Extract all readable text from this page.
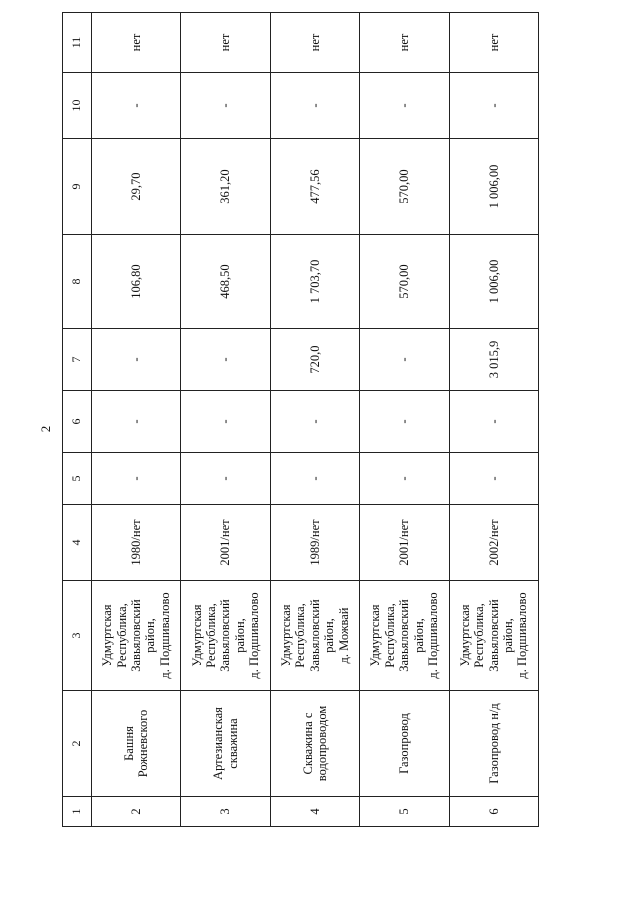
2
1	2	3	4	5	6	7	8	9	10	11
2	Башня Рожневского	Удмуртская
Республика,
Завьяловский
район,
д. Подшивалово	1980/нет	-	-	-	106,80	29,70	-	нет
3	Артезианская скважина	Удмуртская
Республика,
Завьяловский
район,
д. Подшивалово	2001/нет	-	-	-	468,50	361,20	-	нет
4	Скважина с водопроводом	Удмуртская
Республика,
Завьяловский
район,
д. Можвай	1989/нет	-	-	720,0	1 703,70	477,56	-	нет
5	Газопровод	Удмуртская
Республика,
Завьяловский
район,
д. Подшивалово	2001/нет	-	-	-	570,00	570,00	-	нет
6	Газопровод н/д	Удмуртская
Республика,
Завьяловский
район,
д. Подшивалово	2002/нет	-	-	3 015,9	1 006,00	1 006,00	-	нет
